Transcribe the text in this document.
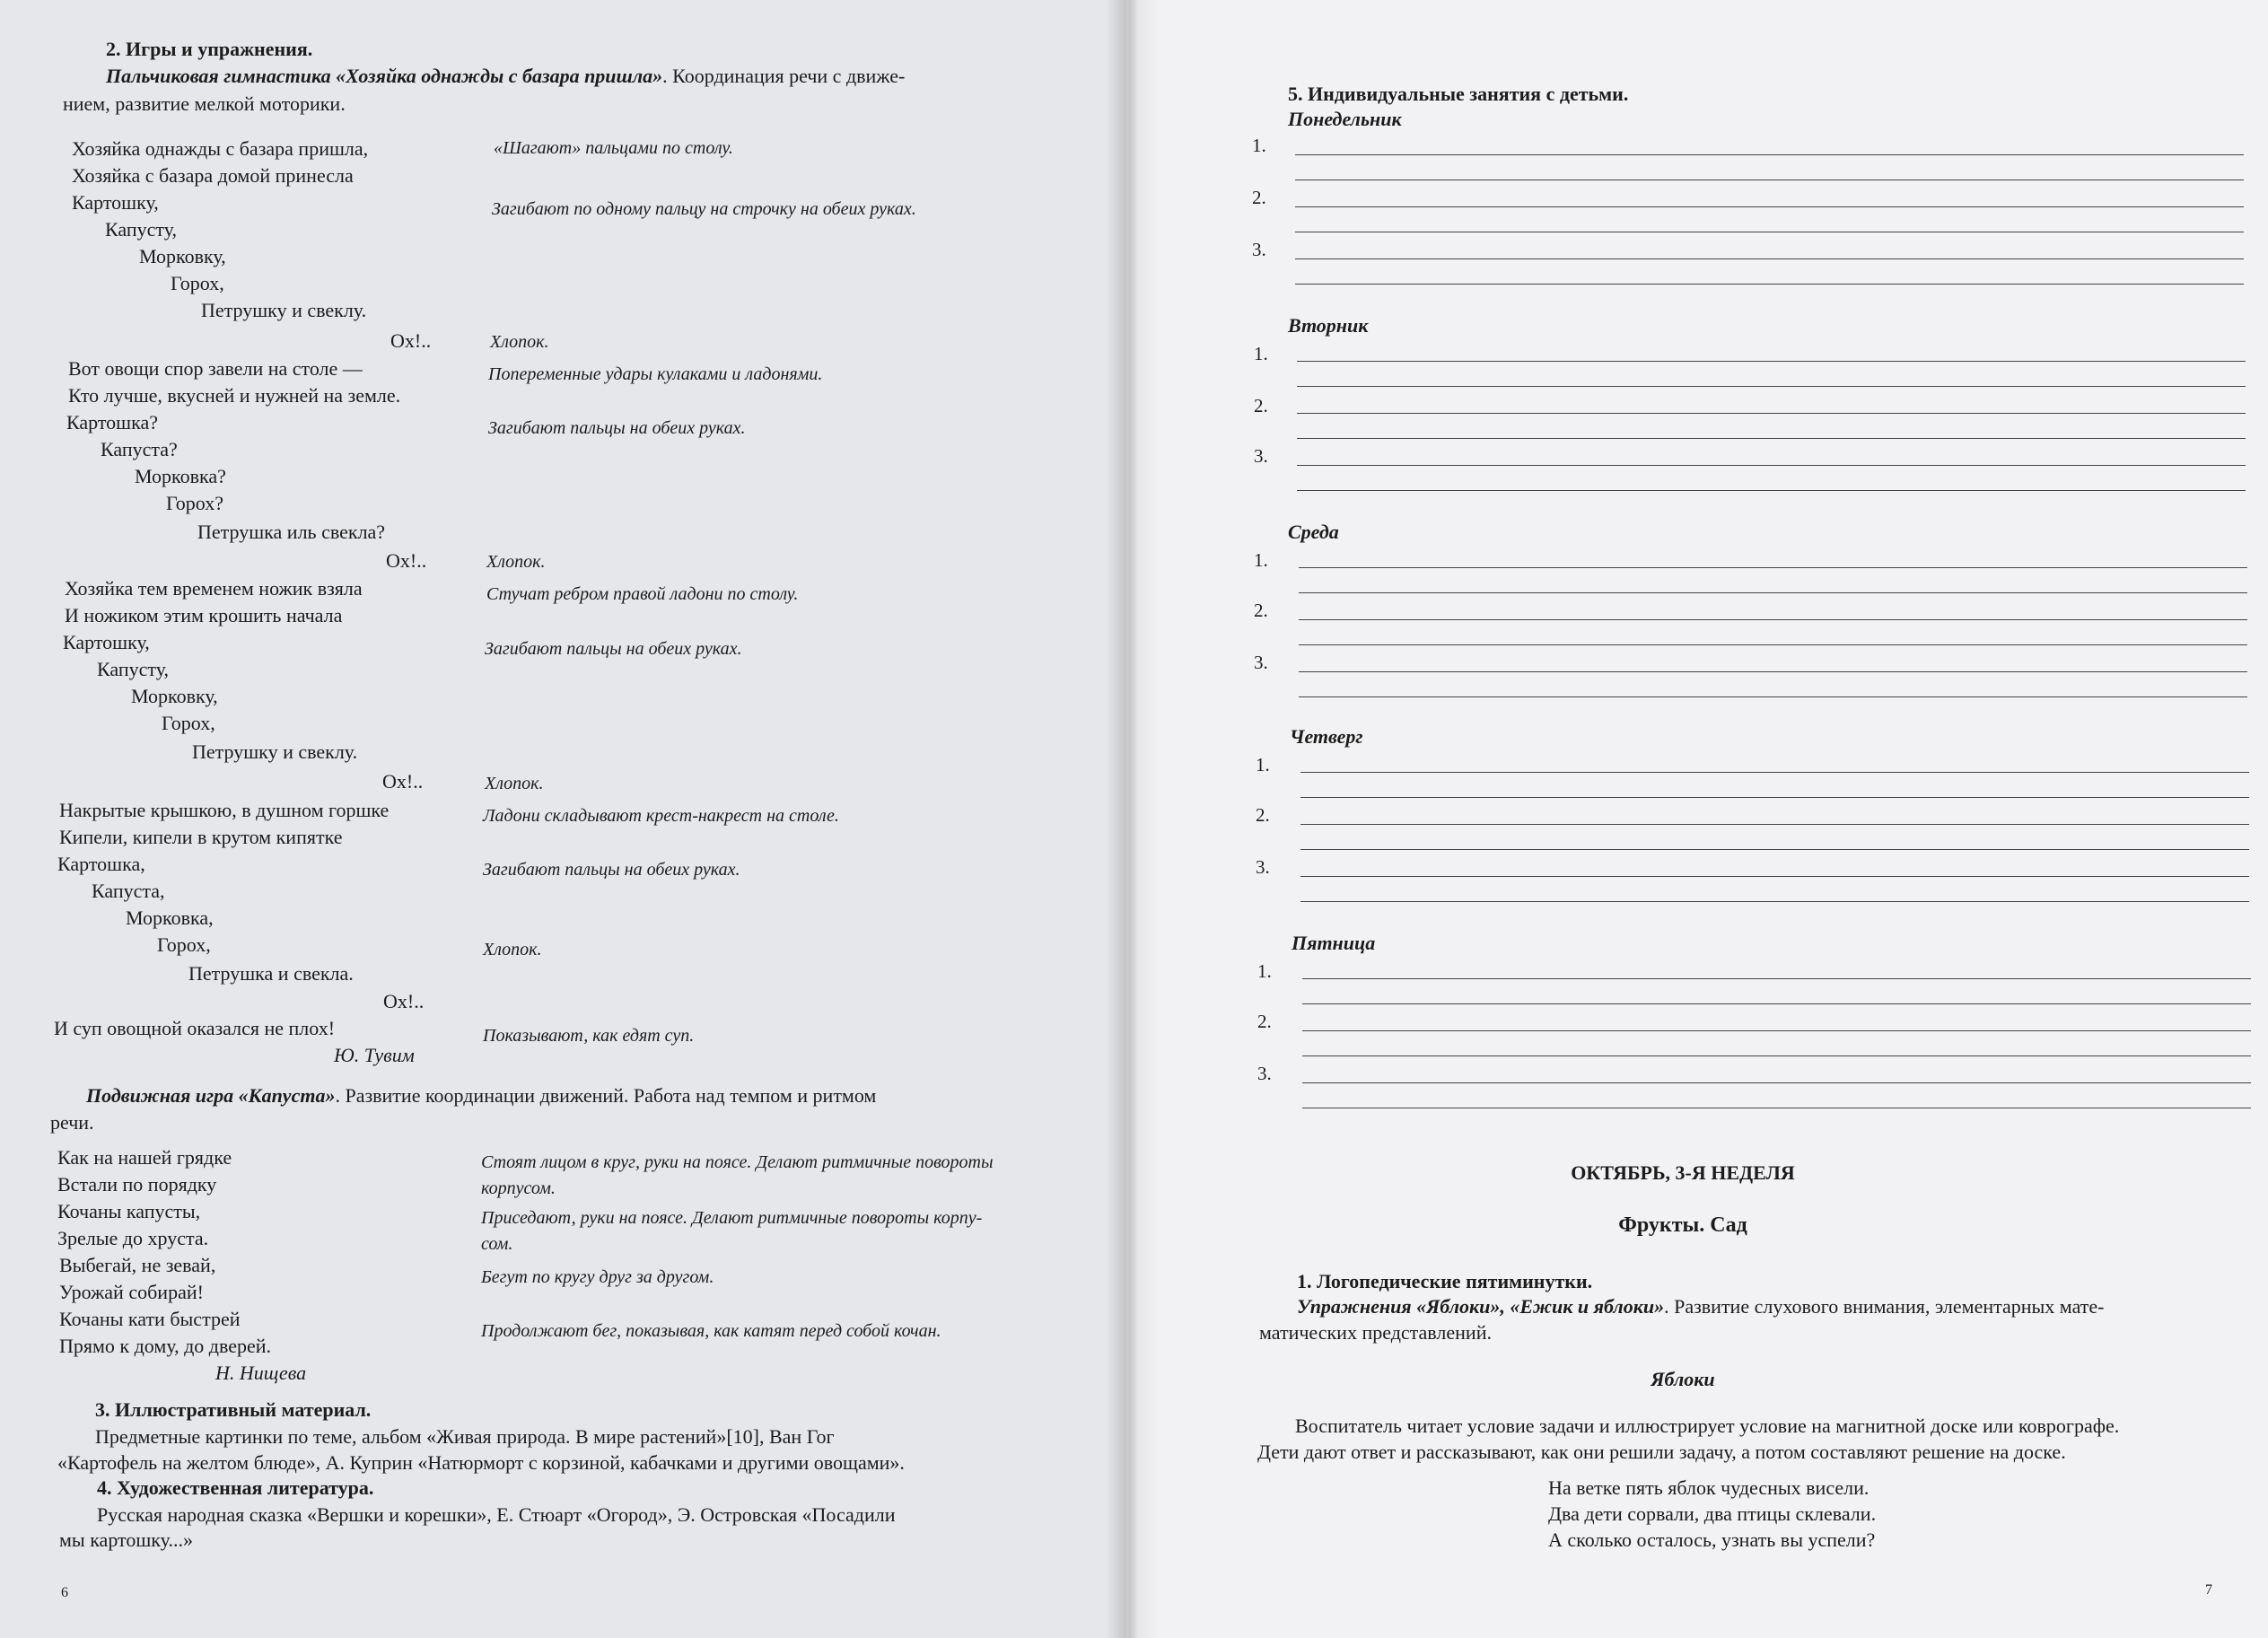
2. Игры и упражнения.
Пальчиковая гимнастика «Хозяйка однажды с базара пришла». Координация речи с движе-
нием, развитие мелкой моторики.
Хозяйка однажды с базара пришла,
Хозяйка с базара домой принесла
Картошку,
Капусту,
Морковку,
Горох,
Петрушку и свеклу.
Ох!..
Вот овощи спор завели на столе —
Кто лучше, вкусней и нужней на земле.
Картошка?
Капуста?
Морковка?
Горох?
Петрушка иль свекла?
Ох!..
Хозяйка тем временем ножик взяла
И ножиком этим крошить начала
Картошку,
Капусту,
Морковку,
Горох,
Петрушку и свеклу.
Ох!..
Накрытые крышкою, в душном горшке
Кипели, кипели в крутом кипятке
Картошка,
Капуста,
Морковка,
Горох,
Петрушка и свекла.
Ох!..
И суп овощной оказался не плох!
Ю. Тувим
«Шагают» пальцами по столу.
Загибают по одному пальцу на строчку на обеих руках.
Хлопок.
Попеременные удары кулаками и ладонями.
Загибают пальцы на обеих руках.
Хлопок.
Стучат ребром правой ладони по столу.
Загибают пальцы на обеих руках.
Хлопок.
Ладони складывают крест-накрест на столе.
Загибают пальцы на обеих руках.
Хлопок.
Показывают, как едят суп.
Подвижная игра «Капуста». Развитие координации движений. Работа над темпом и ритмом
речи.
Как на нашей грядке
Встали по порядку
Кочаны капусты,
Зрелые до хруста.
Выбегай, не зевай,
Урожай собирай!
Кочаны кати быстрей
Прямо к дому, до дверей.
Н. Нищева
Стоят лицом в круг, руки на поясе. Делают ритмичные повороты
корпусом.
Приседают, руки на поясе. Делают ритмичные повороты корпу-
сом.
Бегут по кругу друг за другом.
Продолжают бег, показывая, как катят перед собой кочан.
3. Иллюстративный материал.
Предметные картинки по теме, альбом «Живая природа. В мире растений»[10], Ван Гог
«Картофель на желтом блюде», А. Куприн «Натюрморт с корзиной, кабачками и другими овощами».
4. Художественная литература.
Русская народная сказка «Вершки и корешки», Е. Стюарт «Огород», Э. Островская «Посадили
мы картошку...»
6
5. Индивидуальные занятия с детьми.
Понедельник
1.
2.
3.
Вторник
1.
2.
3.
Среда
1.
2.
3.
Четверг
1.
2.
3.
Пятница
1.
2.
3.
ОКТЯБРЬ, 3-Я НЕДЕЛЯ
Фрукты. Сад
1. Логопедические пятиминутки.
Упражнения «Яблоки», «Ежик и яблоки». Развитие слухового внимания, элементарных мате-
матических представлений.
Яблоки
Воспитатель читает условие задачи и иллюстрирует условие на магнитной доске или коврографе.
Дети дают ответ и рассказывают, как они решили задачу, а потом составляют решение на доске.
На ветке пять яблок чудесных висели.
Два дети сорвали, два птицы склевали.
А сколько осталось, узнать вы успели?
7
